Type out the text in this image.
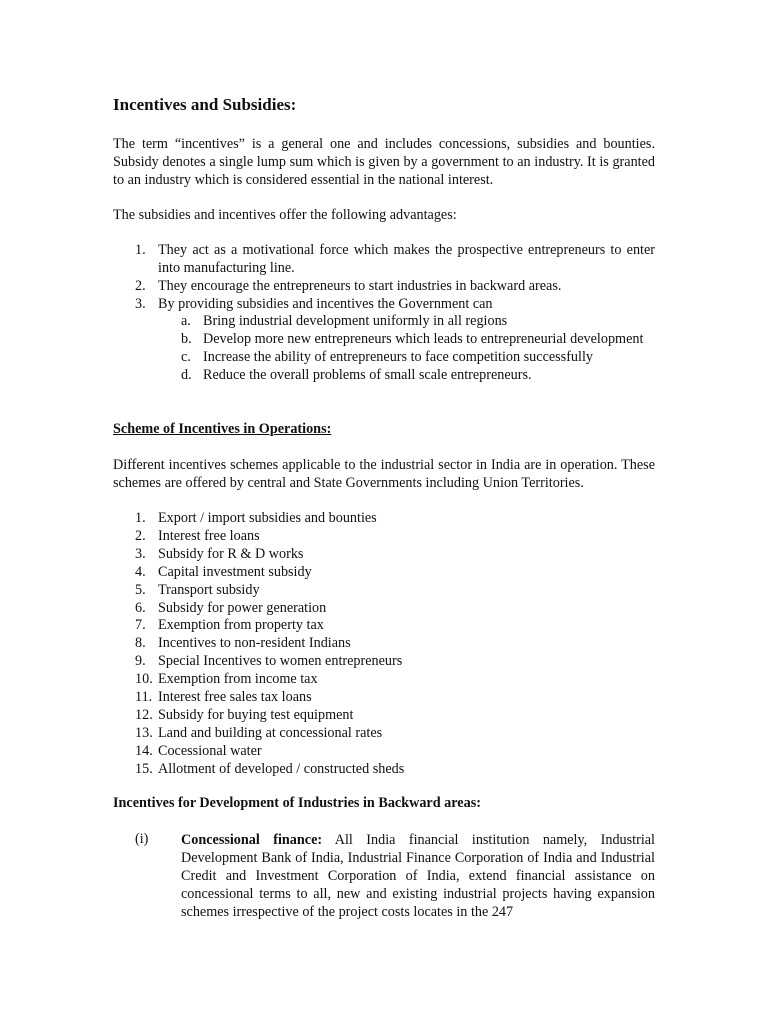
Incentives and Subsidies:

The term “incentives” is a general one and includes concessions, subsidies and bounties. Subsidy denotes a single lump sum which is given by a government to an industry. It is granted to an industry which is considered essential in the national interest.

The subsidies and incentives offer the following advantages:

1. They act as a motivational force which makes the prospective entrepreneurs to enter into manufacturing line.
2. They encourage the entrepreneurs to start industries in backward areas.
3. By providing subsidies and incentives the Government can
a. Bring industrial development uniformly in all regions
b. Develop more new entrepreneurs which leads to entrepreneurial development
c. Increase the ability of entrepreneurs to face competition successfully
d. Reduce the overall problems of small scale entrepreneurs.
Scheme of Incentives in Operations:

Different incentives schemes applicable to the industrial sector in India are in operation. These schemes are offered by central and State Governments including Union Territories.

1. Export / import subsidies and bounties
2. Interest free loans
3. Subsidy for R & D works
4. Capital investment subsidy
5. Transport subsidy
6. Subsidy for power generation
7. Exemption from property tax
8. Incentives to non-resident Indians
9. Special Incentives to women entrepreneurs
10. Exemption from income tax
11. Interest free sales tax loans
12. Subsidy for buying test equipment
13. Land and building at concessional rates
14. Cocessional water
15. Allotment of developed / constructed sheds
Incentives for Development of Industries in Backward areas:
(i) Concessional finance: All India financial institution namely, Industrial Development Bank of India, Industrial Finance Corporation of India and Industrial Credit and Investment Corporation of India, extend financial assistance on concessional terms to all, new and existing industrial projects having expansion schemes irrespective of the project costs locates in the 247
